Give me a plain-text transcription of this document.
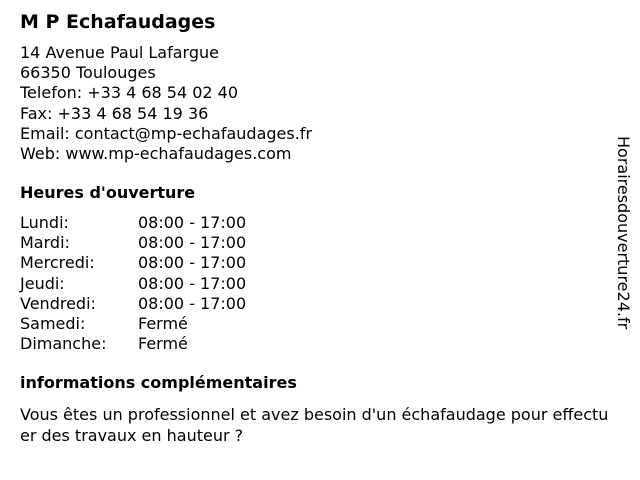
M P Echafaudages
14 Avenue Paul Lafargue
66350 Toulouges
Telefon: +33 4 68 54 02 40
Fax: +33 4 68 54 19 36
Email: contact@mp-echafaudages.fr
Web: www.mp-echafaudages.com
Heures d'ouverture
Lundi:	08:00 - 17:00
Mardi:	08:00 - 17:00
Mercredi:	08:00 - 17:00
Jeudi:	08:00 - 17:00
Vendredi:	08:00 - 17:00
Samedi:	Fermé
Dimanche: Fermé
informations complémentaires
Vous êtes un professionnel et avez besoin d'un échafaudage pour effectuer des travaux en hauteur ?
Horairesdouverture24.fr
